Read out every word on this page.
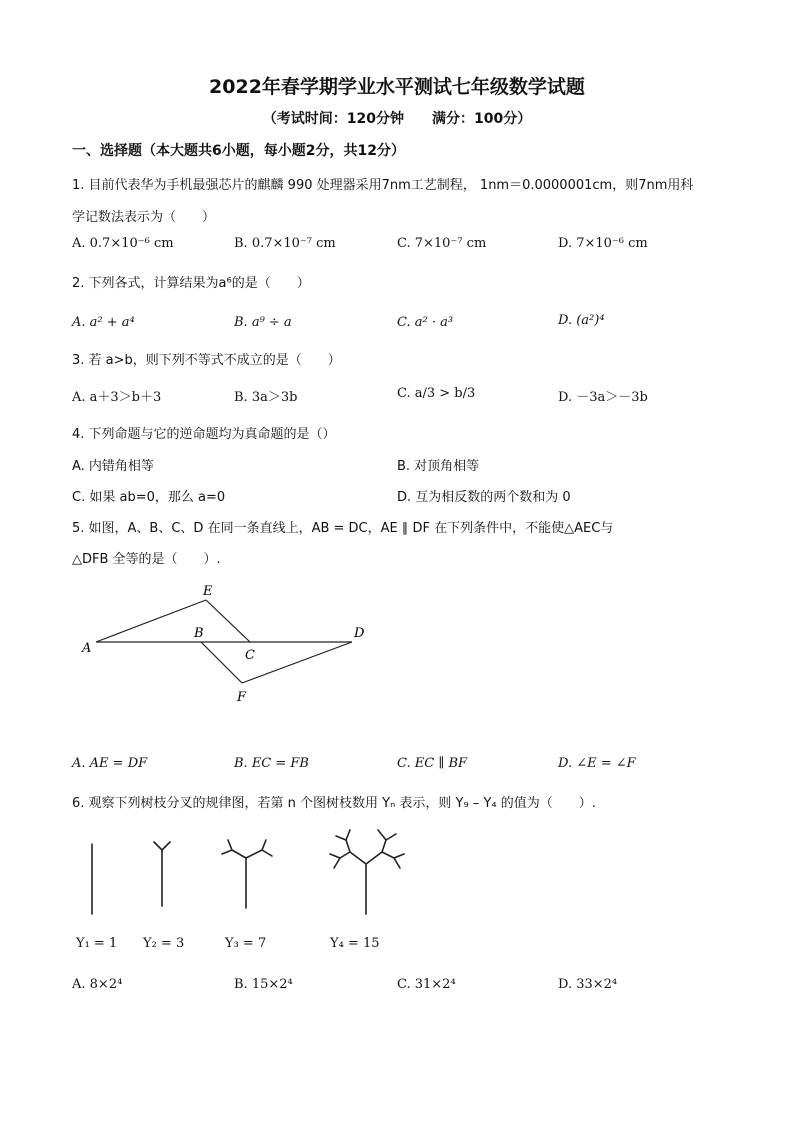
2022年春学期学业水平测试七年级数学试题
（考试时间：120分钟　　满分：100分）
一、选择题（本大题共6小题，每小题2分，共12分）
1. 目前代表华为手机最强芯片的麒麟 990 处理器采用7nm工艺制程， 1nm＝0.0000001cm，则7nm用科
学记数法表示为（　　）
A. 0.7×10⁻⁶ cm	B. 0.7×10⁻⁷ cm	C. 7×10⁻⁷ cm	D. 7×10⁻⁶ cm
2. 下列各式，计算结果为a⁶的是（　　）
A. a² + a⁴	B. a⁹ ÷ a	C. a² · a³	D. (a²)⁴
3. 若 a>b，则下列不等式不成立的是（　　）
A. a＋3＞b＋3	B. 3a＞3b	C. a/3 > b/3	D. －3a＞－3b
4. 下列命题与它的逆命题均为真命题的是（）
A. 内错角相等	B. 对顶角相等
C. 如果 ab=0，那么 a=0	D. 互为相反数的两个数和为 0
5. 如图，A、B、C、D 在同一条直线上，AB = DC，AE ∥ DF 在下列条件中，不能使△AEC与
△DFB 全等的是（　　）.
A
B
C
D
E
F
A. AE = DF	B. EC = FB	C. EC ∥ BF	D. ∠E = ∠F
6. 观察下列树枝分叉的规律图，若第 n 个图树枝数用 Yₙ 表示，则 Y₉ – Y₄ 的值为（　　）.
Y₁ = 1 Y₂ = 3	Y₃ = 7	Y₄ = 15
A. 8×2⁴	B. 15×2⁴	C. 31×2⁴	D. 33×2⁴
